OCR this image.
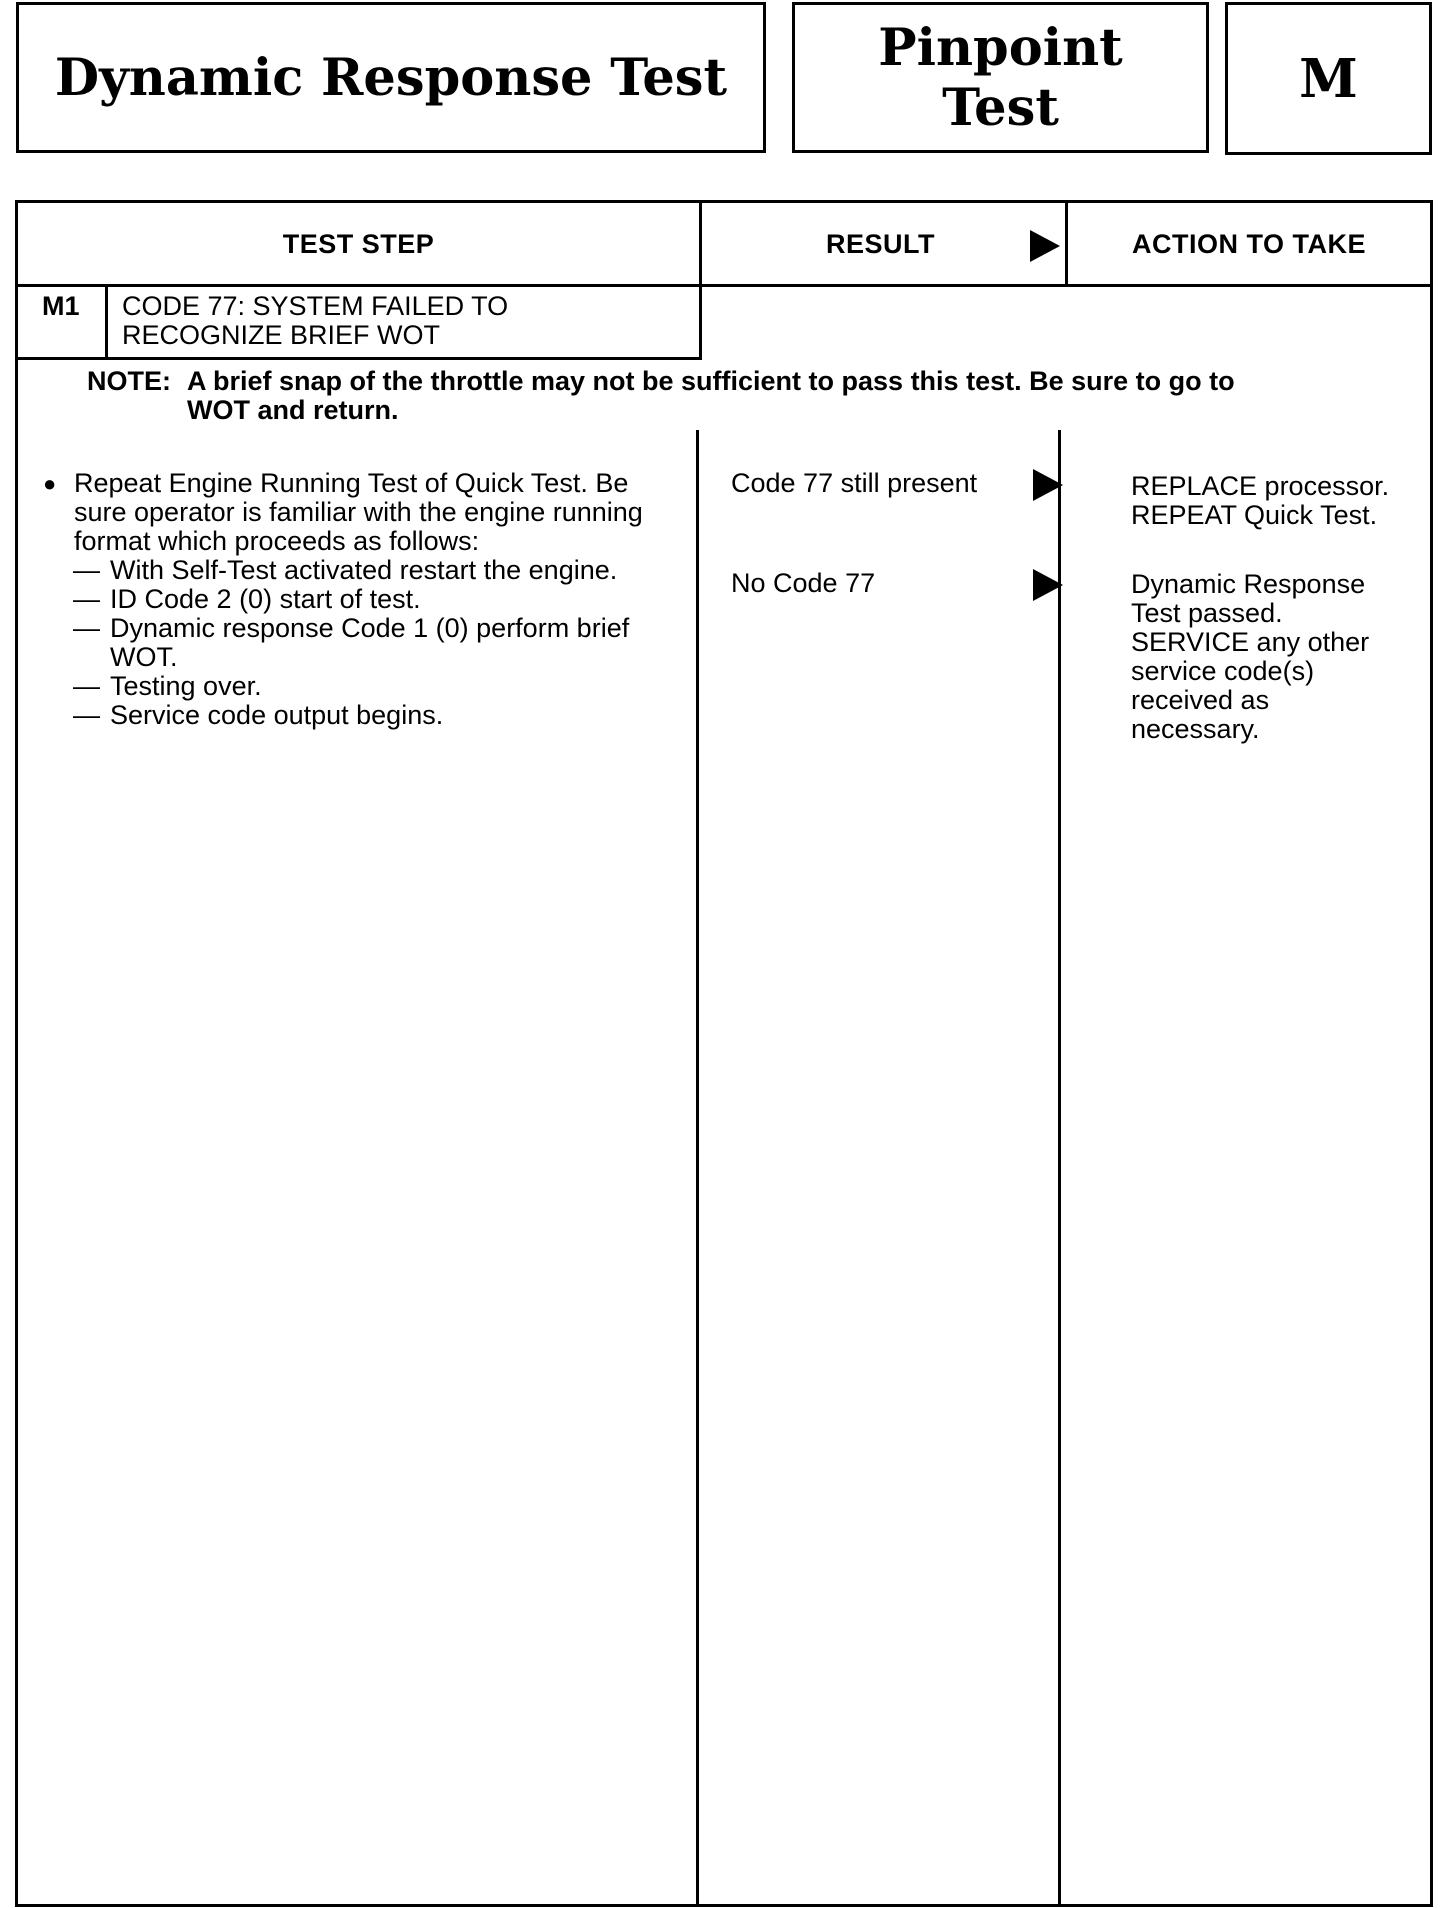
Dynamic Response Test	Pinpoint
Test	M
TEST STEP	RESULT	ACTION TO TAKE
M1 CODE 77: SYSTEM FAILED TO
RECOGNIZE BRIEF WOT
NOTE: A brief snap of the throttle may not be sufficient to pass this test. Be sure to go to
WOT and return.
● Repeat Engine Running Test of Quick Test. Be
sure operator is familiar with the engine running
format which proceeds as follows:
— With Self-Test activated restart the engine.
— ID Code 2 (0) start of test.
— Dynamic response Code 1 (0) perform brief
WOT.
— Testing over.
— Service code output begins.
Code 77 still present	REPLACE processor.
REPEAT Quick Test.
No Code 77	Dynamic Response
Test passed.
SERVICE any other
service code(s)
received as
necessary.
